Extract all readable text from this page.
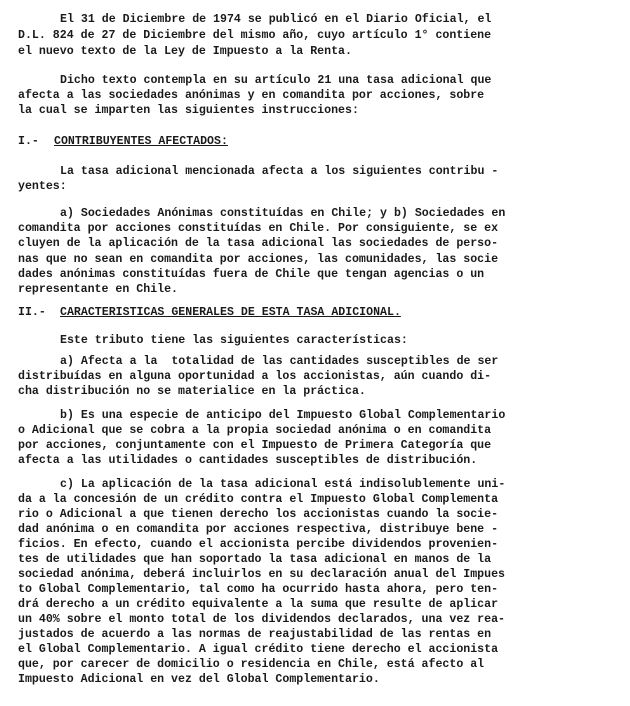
El 31 de Diciembre de 1974 se publicó en el Diario Oficial, el
D.L. 824 de 27 de Diciembre del mismo año, cuyo artículo 1° contiene
el nuevo texto de la Ley de Impuesto a la Renta.
Dicho texto contempla en su artículo 21 una tasa adicional que
afecta a las sociedades anónimas y en comandita por acciones, sobre
la cual se imparten las siguientes instrucciones:
I.- CONTRIBUYENTES AFECTADOS:
La tasa adicional mencionada afecta a los siguientes contribu -
yentes:
a) Sociedades Anónimas constituídas en Chile; y b) Sociedades en
comandita por acciones constituídas en Chile. Por consiguiente, se ex
cluyen de la aplicación de la tasa adicional las sociedades de perso-
nas que no sean en comandita por acciones, las comunidades, las socie
dades anónimas constituídas fuera de Chile que tengan agencias o un
representante en Chile.
II.- CARACTERISTICAS GENERALES DE ESTA TASA ADICIONAL.
Este tributo tiene las siguientes características:
a) Afecta a la  totalidad de las cantidades susceptibles de ser
distribuídas en alguna oportunidad a los accionistas, aún cuando di-
cha distribución no se materialice en la práctica.
b) Es una especie de anticipo del Impuesto Global Complementario
o Adicional que se cobra a la propia sociedad anónima o en comandita
por acciones, conjuntamente con el Impuesto de Primera Categoría que
afecta a las utilidades o cantidades susceptibles de distribución.
c) La aplicación de la tasa adicional está indisolublemente uni-
da a la concesión de un crédito contra el Impuesto Global Complementa
rio o Adicional a que tienen derecho los accionistas cuando la socie-
dad anónima o en comandita por acciones respectiva, distribuye bene -
ficios. En efecto, cuando el accionista percibe dividendos provenien-
tes de utilidades que han soportado la tasa adicional en manos de la
sociedad anónima, deberá incluirlos en su declaración anual del Impues
to Global Complementario, tal como ha ocurrido hasta ahora, pero ten-
drá derecho a un crédito equivalente a la suma que resulte de aplicar
un 40% sobre el monto total de los dividendos declarados, una vez rea-
justados de acuerdo a las normas de reajustabilidad de las rentas en
el Global Complementario. A igual crédito tiene derecho el accionista
que, por carecer de domicilio o residencia en Chile, está afecto al
Impuesto Adicional en vez del Global Complementario.
